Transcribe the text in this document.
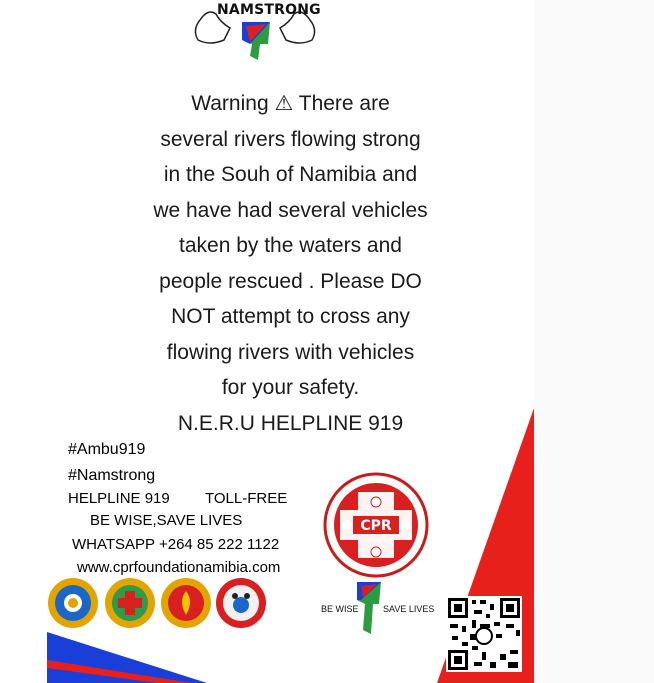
NAMSTRONG
Warning ⚠ There are
several rivers flowing strong
in the Souh of Namibia and
we have had several vehicles
taken by the waters and
people rescued . Please DO
NOT attempt to cross any
flowing rivers with vehicles
for your safety.
N.E.R.U HELPLINE 919
#Ambu919
#Namstrong
HELPLINE 919 TOLL-FREE
BE WISE,SAVE LIVES
WHATSAPP +264 85 222 1122
www.cprfoundationamibia.com
CPR
FOUNDATION
BE WISE	SAVE LIVES
